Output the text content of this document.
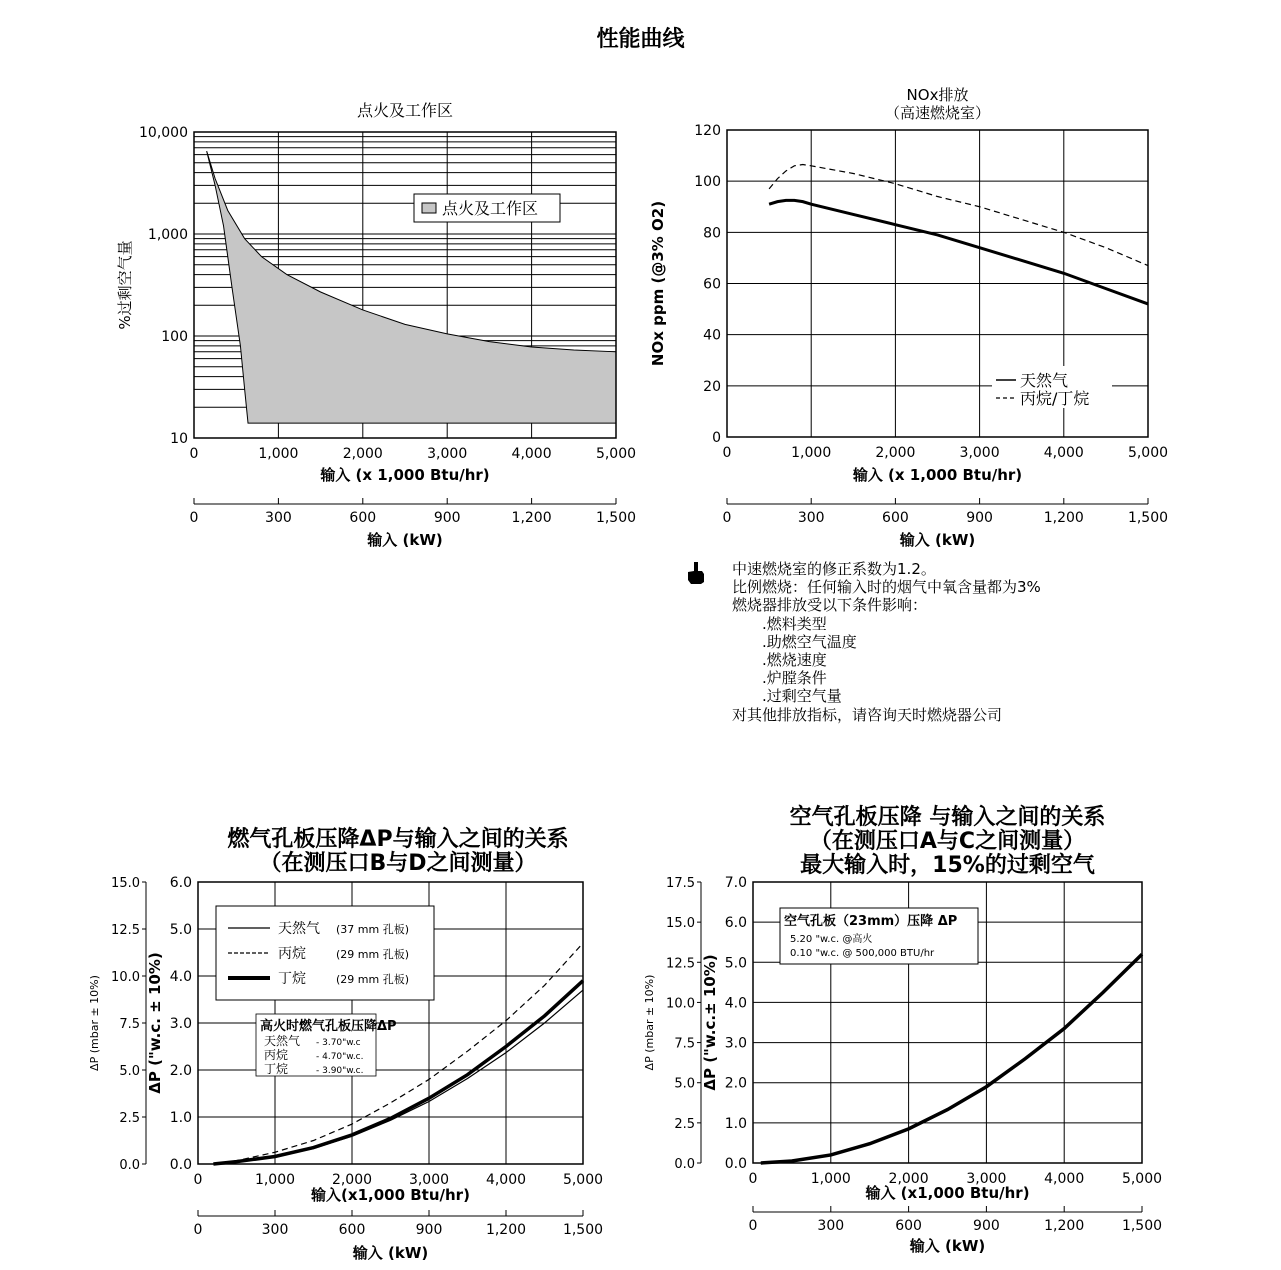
性能曲线
0	1,000	2,000	3,000	4,000	5,000
10
100
1,000
10,000
%过剩空气量
输入 (x 1,000 Btu/hr)
0	300	600	900	1,200	1,500
输入 (kW)
点火及工作区
点火及工作区
0	1,000	2,000	3,000	4,000	5,000
0
20
40
60
80
100
120
NOx ppm (@3% O2)
输入 (x 1,000 Btu/hr)
0	300	600	900	1,200	1,500
输入 (kW)
NOx排放
（高速燃烧室）
天然气
丙烷/丁烷
0	1,000	2,000	3,000	4,000	5,000
0.0
1.0
2.0
3.0
4.0
5.0
6.0
0.0
2.5
5.0
7.5
10.0
12.5
15.0
ΔP (mbar ± 10%)	ΔP ("w.c. ± 10%)
输入(x1,000 Btu/hr)
0	300	600	900	1,200	1,500
输入 (kW)
燃气孔板压降ΔP与输入之间的关系
（在测压口B与D之间测量）
天然气 (37 mm 孔板)
丙烷	(29 mm 孔板)
丁烷	(29 mm 孔板)
高火时燃气孔板压降ΔP
天然气 - 3.70"w.c
丙烷	- 4.70"w.c.
丁烷	- 3.90"w.c.
0	1,000	2,000	3,000	4,000	5,000
0.0
1.0
2.0
3.0
4.0
5.0
6.0
7.0
0.0
2.5
5.0
7.5
10.0
12.5
15.0
17.5
ΔP (mbar ± 10%)	ΔP ("w.c.± 10%)
输入 (x1,000 Btu/hr)
0	300	600	900	1,200	1,500
输入 (kW)
空气孔板压降 与输入之间的关系
（在测压口A与C之间测量）
最大输入时，15%的过剩空气
空气孔板（23mm）压降 ΔP
5.20 "w.c. @高火
0.10 "w.c. @ 500,000 BTU/hr
中速燃烧室的修正系数为1.2。
比例燃烧：任何输入时的烟气中氧含量都为3%
燃烧器排放受以下条件影响：
.燃料类型
.助燃空气温度
.燃烧速度
.炉膛条件
.过剩空气量
对其他排放指标，请咨询天时燃烧器公司
